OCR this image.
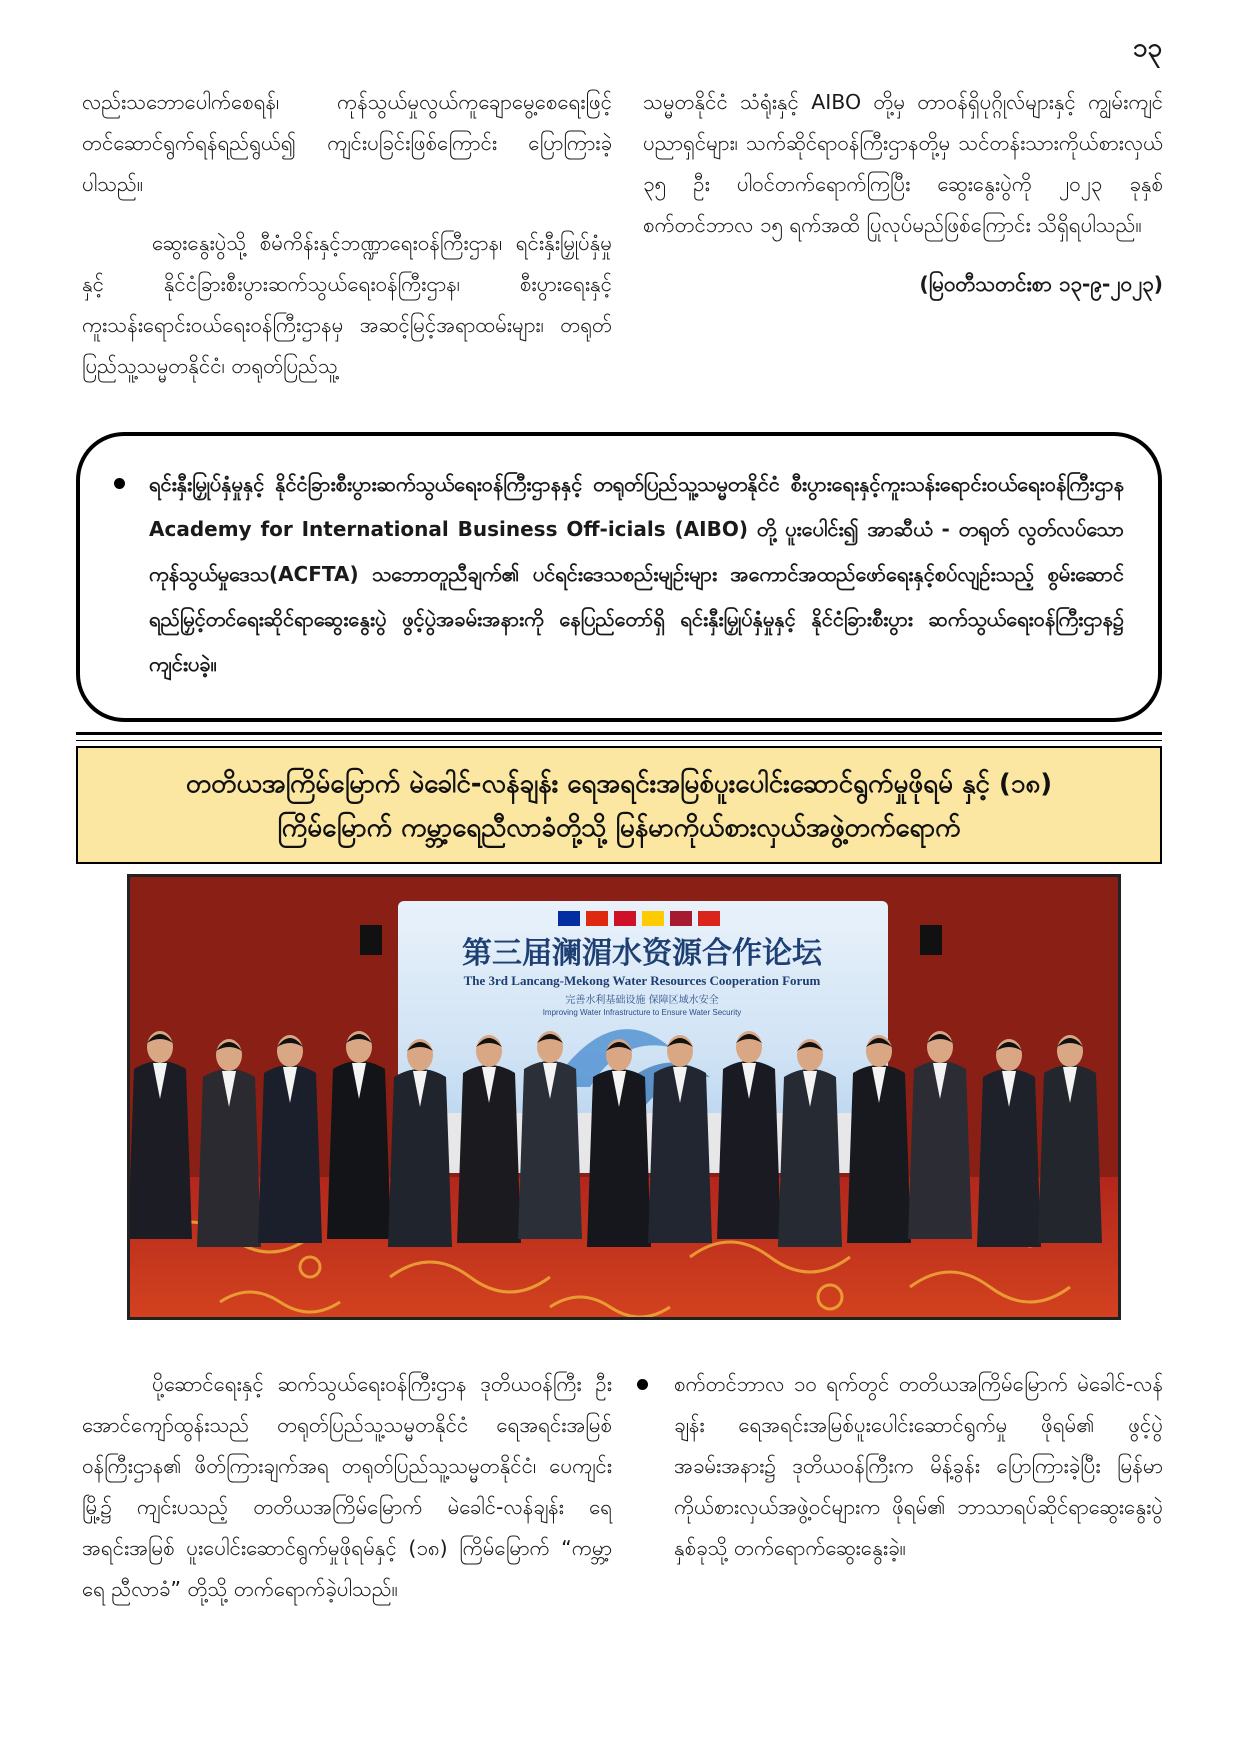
၁၃

လည်းသဘောပေါက်စေရန်၊ ကုန်သွယ်မှုလွယ်ကူချောမွေ့စေရေးဖြင့်တင်ဆောင်ရွက်ရန်ရည်ရွယ်၍ ကျင်းပခြင်းဖြစ်ကြောင်း ပြောကြားခဲ့ပါသည်။

ဆွေးနွေးပွဲသို့ စီမံကိန်းနှင့်ဘဏ္ဍာရေးဝန်ကြီးဌာန၊ ရင်းနှီးမြှုပ်နှံမှုနှင့် နိုင်ငံခြားစီးပွားဆက်သွယ်ရေးဝန်ကြီးဌာန၊ စီးပွားရေးနှင့်ကူးသန်းရောင်းဝယ်ရေးဝန်ကြီးဌာနမှ အဆင့်မြင့်အရာထမ်းများ၊ တရုတ်ပြည်သူ့သမ္မတနိုင်ငံ၊ တရုတ်ပြည်သူ့

သမ္မတနိုင်ငံ သံရုံးနှင့် AIBO တို့မှ တာဝန်ရှိပုဂ္ဂိုလ်များနှင့် ကျွမ်းကျင်ပညာရှင်များ၊ သက်ဆိုင်ရာဝန်ကြီးဌာနတို့မှ သင်တန်းသားကိုယ်စားလှယ် ၃၅ ဦး ပါဝင်တက်ရောက်ကြပြီး ဆွေးနွေးပွဲကို ၂၀၂၃ ခုနှစ် စက်တင်ဘာလ ၁၅ ရက်အထိ ပြုလုပ်မည်ဖြစ်ကြောင်း သိရှိရပါသည်။

(မြဝတီသတင်းစာ ၁၃-၉-၂၀၂၃)

ရင်းနှီးမြှုပ်နှံမှုနှင့် နိုင်ငံခြားစီးပွားဆက်သွယ်ရေးဝန်ကြီးဌာနနှင့် တရုတ်ပြည်သူ့သမ္မတနိုင်ငံ စီးပွားရေးနှင့်ကူးသန်းရောင်းဝယ်ရေးဝန်ကြီးဌာန Academy for International Business Off-icials (AIBO) တို့ ပူးပေါင်း၍ အာဆီယံ - တရုတ် လွတ်လပ်သောကုန်သွယ်မှုဒေသ(ACFTA) သဘောတူညီချက်၏ ပင်ရင်းဒေသစည်းမျဉ်းများ အကောင်အထည်ဖော်ရေးနှင့်စပ်လျဉ်းသည့် စွမ်းဆောင်ရည်မြှင့်တင်ရေးဆိုင်ရာဆွေးနွေးပွဲ ဖွင့်ပွဲအခမ်းအနားကို နေပြည်တော်ရှိ ရင်းနှီးမြှုပ်နှံမှုနှင့် နိုင်ငံခြားစီးပွား ဆက်သွယ်ရေးဝန်ကြီးဌာန၌ ကျင်းပခဲ့။
တတိယအကြိမ်မြောက် မဲခေါင်-လန်ချန်း ရေအရင်းအမြစ်ပူးပေါင်းဆောင်ရွက်မှုဖိုရမ် နှင့် (၁၈)
ကြိမ်မြောက် ကမ္ဘာ့ရေညီလာခံတို့သို့ မြန်မာကိုယ်စားလှယ်အဖွဲ့တက်ရောက်
第三届澜湄水资源合作论坛
The 3rd Lancang-Mekong Water Resources Cooperation Forum
完善水利基础设施 保障区域水安全
Improving Water Infrastructure to Ensure Water Security

ပို့ဆောင်ရေးနှင့် ဆက်သွယ်ရေးဝန်ကြီးဌာန ဒုတိယဝန်ကြီး ဦးအောင်ကျော်ထွန်းသည် တရုတ်ပြည်သူ့သမ္မတနိုင်ငံ ရေအရင်းအမြစ်ဝန်ကြီးဌာန၏ ဖိတ်ကြားချက်အရ တရုတ်ပြည်သူ့သမ္မတနိုင်ငံ၊ ပေကျင်းမြို့၌ ကျင်းပသည့် တတိယအကြိမ်မြောက် မဲခေါင်-လန်ချန်း ရေအရင်းအမြစ် ပူးပေါင်းဆောင်ရွက်မှုဖိုရမ်နှင့် (၁၈) ကြိမ်မြောက် “ကမ္ဘာ့ရေ ညီလာခံ” တို့သို့ တက်ရောက်ခဲ့ပါသည်။

စက်တင်ဘာလ ၁၀ ရက်တွင် တတိယအကြိမ်မြောက် မဲခေါင်-လန်ချန်း ရေအရင်းအမြစ်ပူးပေါင်းဆောင်ရွက်မှု ဖိုရမ်၏ ဖွင့်ပွဲအခမ်းအနား၌ ဒုတိယဝန်ကြီးက မိန့်ခွန်း ပြောကြားခဲ့ပြီး မြန်မာကိုယ်စားလှယ်အဖွဲ့ဝင်များက ဖိုရမ်၏ ဘာသာရပ်ဆိုင်ရာဆွေးနွေးပွဲနှစ်ခုသို့ တက်ရောက်ဆွေးနွေးခဲ့။
